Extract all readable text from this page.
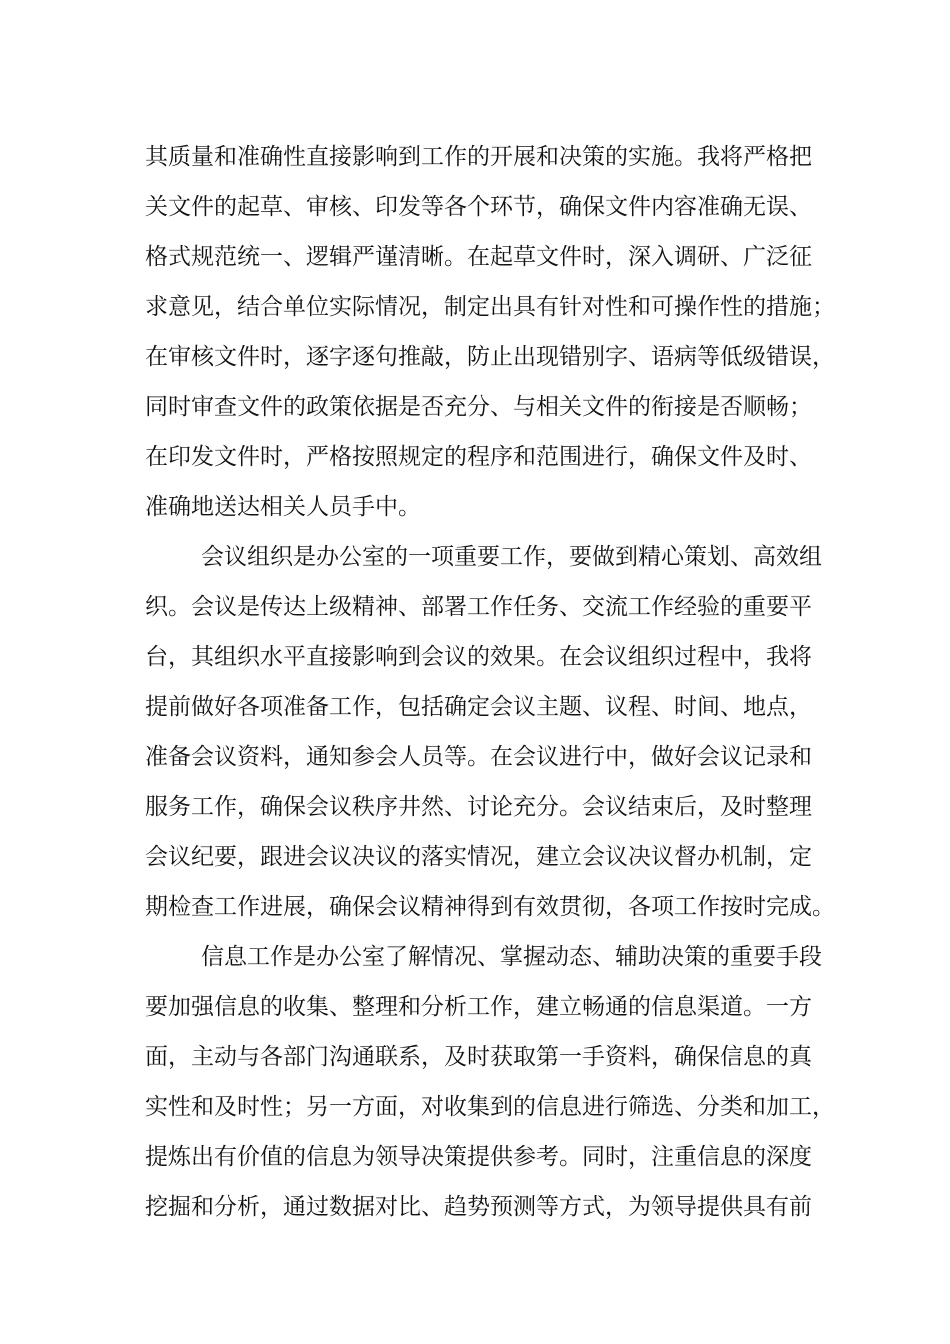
其质量和准确性直接影响到工作的开展和决策的实施。我将严格把
关文件的起草、审核、印发等各个环节，确保文件内容准确无误、
格式规范统一、逻辑严谨清晰。在起草文件时，深入调研、广泛征
求意见，结合单位实际情况，制定出具有针对性和可操作性的措施；
在审核文件时，逐字逐句推敲，防止出现错别字、语病等低级错误，
同时审查文件的政策依据是否充分、与相关文件的衔接是否顺畅；
在印发文件时，严格按照规定的程序和范围进行，确保文件及时、
准确地送达相关人员手中。
会议组织是办公室的一项重要工作，要做到精心策划、高效组
织。会议是传达上级精神、部署工作任务、交流工作经验的重要平
台，其组织水平直接影响到会议的效果。在会议组织过程中，我将
提前做好各项准备工作，包括确定会议主题、议程、时间、地点，
准备会议资料，通知参会人员等。在会议进行中，做好会议记录和
服务工作，确保会议秩序井然、讨论充分。会议结束后，及时整理
会议纪要，跟进会议决议的落实情况，建立会议决议督办机制，定
期检查工作进展，确保会议精神得到有效贯彻，各项工作按时完成。
信息工作是办公室了解情况、掌握动态、辅助决策的重要手段
要加强信息的收集、整理和分析工作，建立畅通的信息渠道。一方
面，主动与各部门沟通联系，及时获取第一手资料，确保信息的真
实性和及时性；另一方面，对收集到的信息进行筛选、分类和加工，
提炼出有价值的信息为领导决策提供参考。同时，注重信息的深度
挖掘和分析，通过数据对比、趋势预测等方式，为领导提供具有前
